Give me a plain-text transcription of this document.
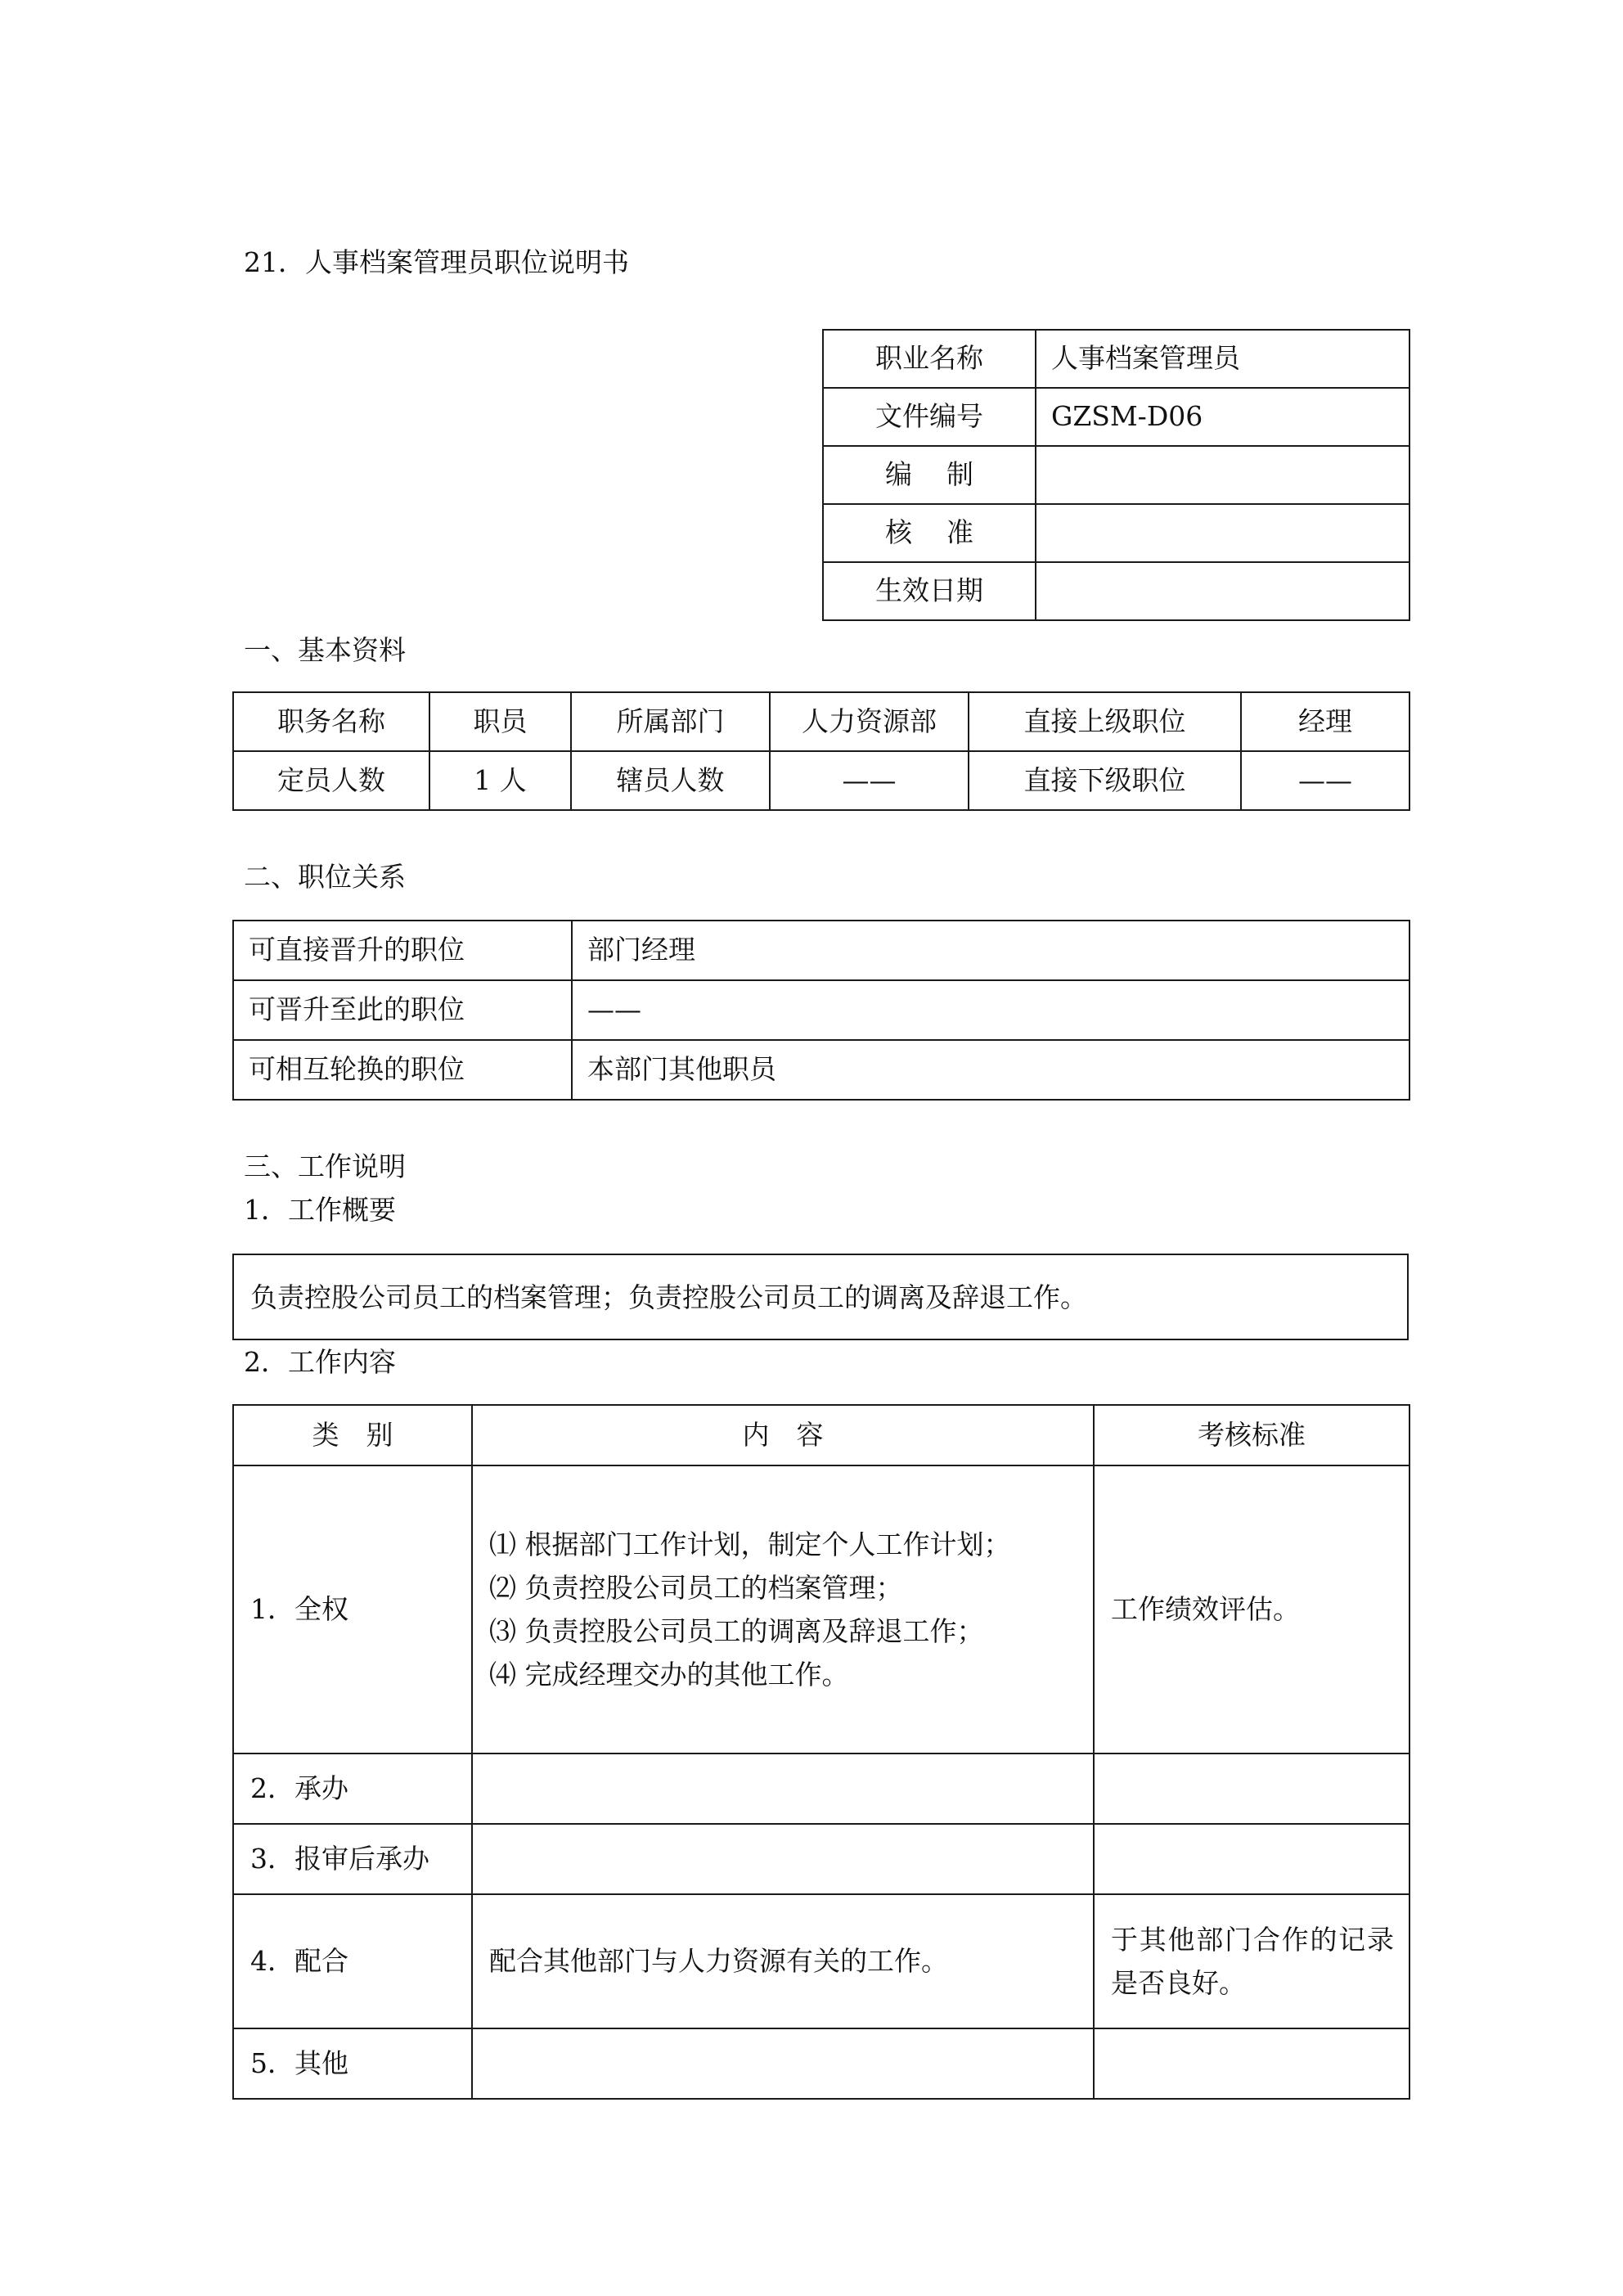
21．人事档案管理员职位说明书
职业名称	人事档案管理员
文件编号	GZSM-D06
编    制	
核    准	
生效日期	
一、基本资料
职务名称	职员	所属部门	人力资源部	直接上级职位	经理
定员人数	1 人	辖员人数	——	直接下级职位	——
二、职位关系
可直接晋升的职位	部门经理
可晋升至此的职位	——
可相互轮换的职位	本部门其他职员
三、工作说明
1．工作概要
负责控股公司员工的档案管理；负责控股公司员工的调离及辞退工作。
2．工作内容
类　别	内　容	考核标准
1．全权	⑴ 根据部门工作计划，制定个人工作计划；
⑵ 负责控股公司员工的档案管理；
⑶ 负责控股公司员工的调离及辞退工作；
⑷ 完成经理交办的其他工作。	工作绩效评估。
2．承办		
3．报审后承办		
4．配合	配合其他部门与人力资源有关的工作。	于其他部门合作的记录是否良好。
5．其他		
